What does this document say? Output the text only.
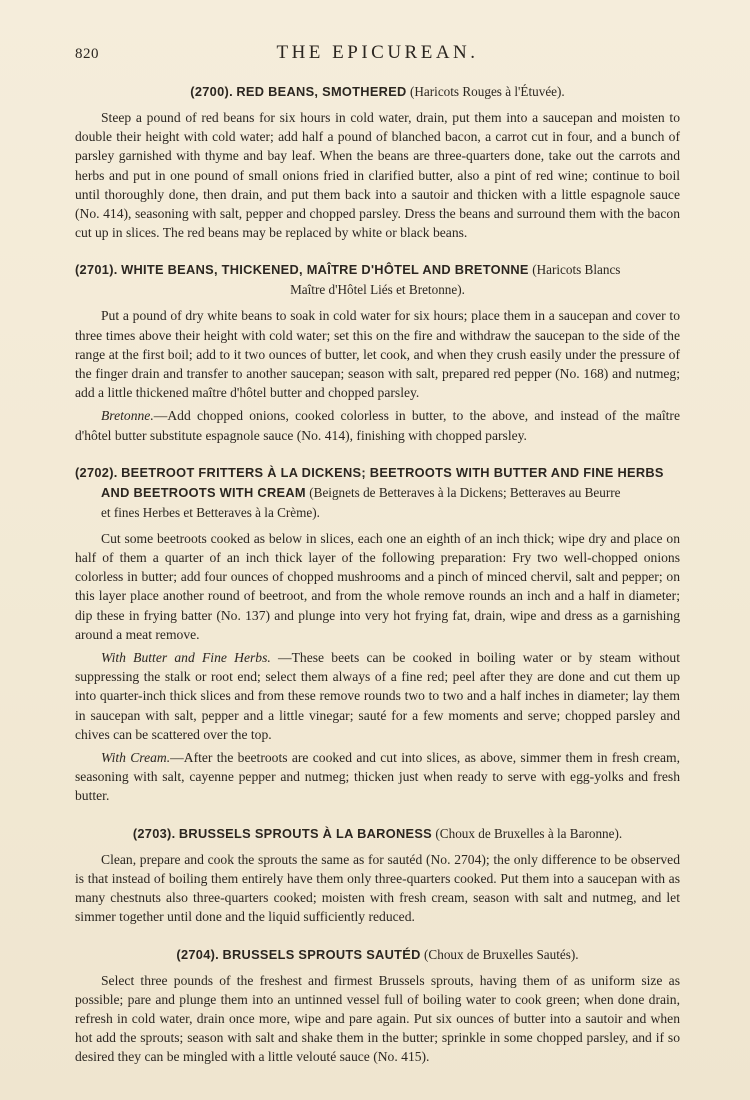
820	THE EPICUREAN.
(2700). RED BEANS, SMOTHERED (Haricots Rouges à l'Étuvée).

Steep a pound of red beans for six hours in cold water, drain, put them into a saucepan and moisten to double their height with cold water; add half a pound of blanched bacon, a carrot cut in four, and a bunch of parsley garnished with thyme and bay leaf. When the beans are three-quarters done, take out the carrots and herbs and put in one pound of small onions fried in clarified butter, also a pint of red wine; continue to boil until thoroughly done, then drain, and put them back into a sautoir and thicken with a little espagnole sauce (No. 414), seasoning with salt, pepper and chopped parsley. Dress the beans and surround them with the bacon cut up in slices. The red beans may be replaced by white or black beans.

(2701). WHITE BEANS, THICKENED, MAÎTRE D'HÔTEL AND BRETONNE (Haricots Blancs
Maître d'Hôtel Liés et Bretonne).

Put a pound of dry white beans to soak in cold water for six hours; place them in a saucepan and cover to three times above their height with cold water; set this on the fire and withdraw the saucepan to the side of the range at the first boil; add to it two ounces of butter, let cook, and when they crush easily under the pressure of the finger drain and transfer to another saucepan; season with salt, prepared red pepper (No. 168) and nutmeg; add a little thickened maître d'hôtel butter and chopped parsley.

Bretonne.—Add chopped onions, cooked colorless in butter, to the above, and instead of the maître d'hôtel butter substitute espagnole sauce (No. 414), finishing with chopped parsley.

(2702). BEETROOT FRITTERS À LA DICKENS; BEETROOTS WITH BUTTER AND FINE HERBS
AND BEETROOTS WITH CREAM (Beignets de Betteraves à la Dickens; Betteraves au Beurre
et fines Herbes et Betteraves à la Crème).

Cut some beetroots cooked as below in slices, each one an eighth of an inch thick; wipe dry and place on half of them a quarter of an inch thick layer of the following preparation: Fry two well-chopped onions colorless in butter; add four ounces of chopped mushrooms and a pinch of minced chervil, salt and pepper; on this layer place another round of beetroot, and from the whole remove rounds an inch and a half in diameter; dip these in frying batter (No. 137) and plunge into very hot frying fat, drain, wipe and dress as a garnishing around a meat remove.

With Butter and Fine Herbs. —These beets can be cooked in boiling water or by steam without suppressing the stalk or root end; select them always of a fine red; peel after they are done and cut them up into quarter-inch thick slices and from these remove rounds two to two and a half inches in diameter; lay them in saucepan with salt, pepper and a little vinegar; sauté for a few moments and serve; chopped parsley and chives can be scattered over the top.

With Cream.—After the beetroots are cooked and cut into slices, as above, simmer them in fresh cream, seasoning with salt, cayenne pepper and nutmeg; thicken just when ready to serve with egg-yolks and fresh butter.

(2703). BRUSSELS SPROUTS À LA BARONESS (Choux de Bruxelles à la Baronne).

Clean, prepare and cook the sprouts the same as for sautéd (No. 2704); the only difference to be observed is that instead of boiling them entirely have them only three-quarters cooked. Put them into a saucepan with as many chestnuts also three-quarters cooked; moisten with fresh cream, season with salt and nutmeg, and let simmer together until done and the liquid sufficiently reduced.

(2704). BRUSSELS SPROUTS SAUTÉD (Choux de Bruxelles Sautés).

Select three pounds of the freshest and firmest Brussels sprouts, having them of as uniform size as possible; pare and plunge them into an untinned vessel full of boiling water to cook green; when done drain, refresh in cold water, drain once more, wipe and pare again. Put six ounces of butter into a sautoir and when hot add the sprouts; season with salt and shake them in the butter; sprinkle in some chopped parsley, and if so desired they can be mingled with a little velouté sauce (No. 415).
